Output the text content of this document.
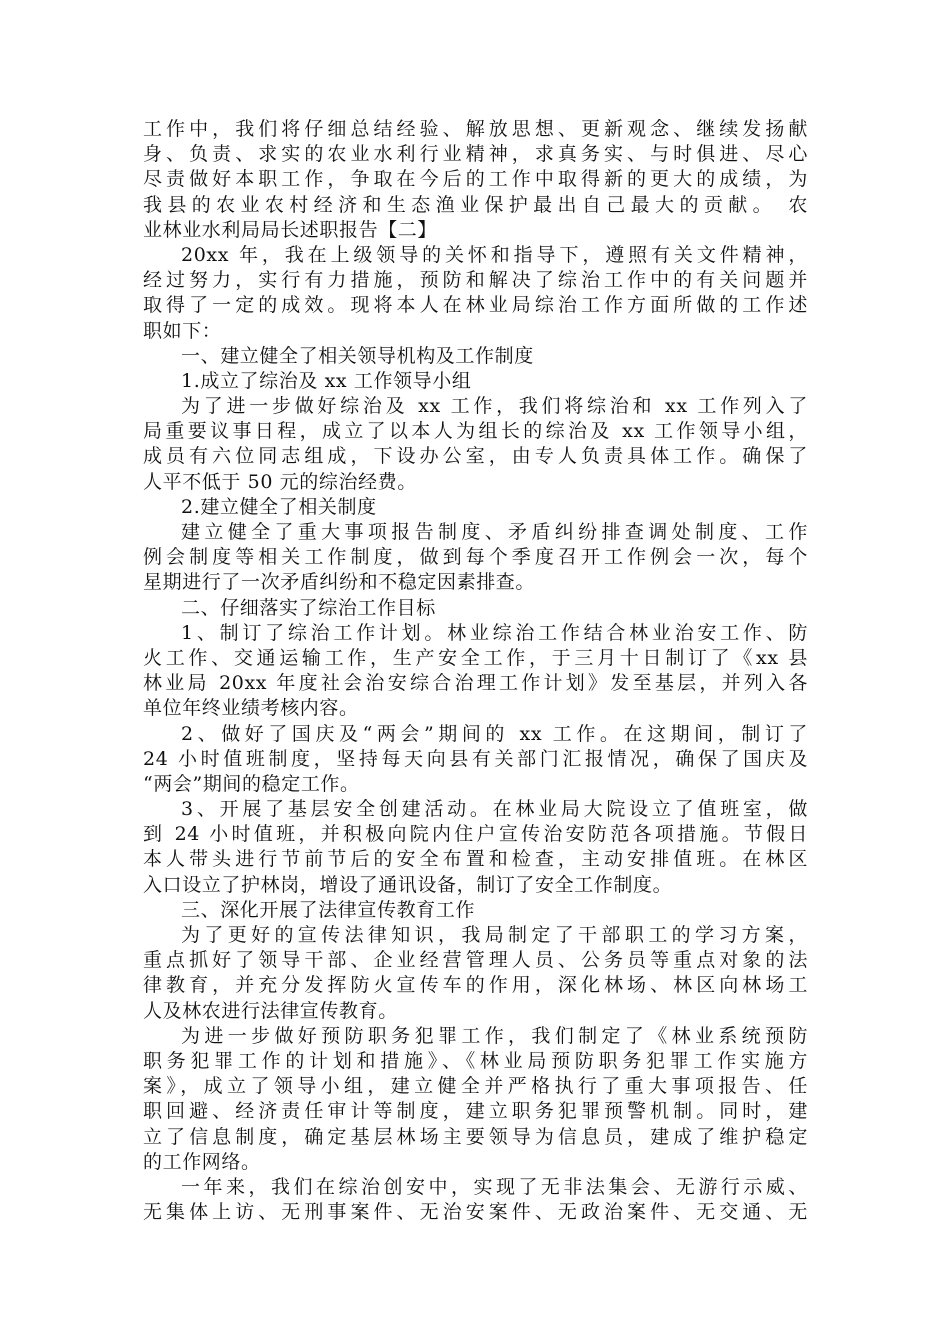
工作中，我们将仔细总结经验、解放思想、更新观念、继续发扬献
身、负责、求实的农业水利行业精神，求真务实、与时俱进、尽心
尽责做好本职工作，争取在今后的工作中取得新的更大的成绩，为
我县的农业农村经济和生态渔业保护最出自己最大的贡献。 农
业林业水利局局长述职报告【二】
20xx 年，我在上级领导的关怀和指导下，遵照有关文件精神，
经过努力，实行有力措施，预防和解决了综治工作中的有关问题并
取得了一定的成效。现将本人在林业局综治工作方面所做的工作述
职如下：
一、建立健全了相关领导机构及工作制度
1.成立了综治及 xx 工作领导小组
为了进一步做好综治及 xx 工作，我们将综治和 xx 工作列入了
局重要议事日程，成立了以本人为组长的综治及 xx 工作领导小组，
成员有六位同志组成，下设办公室，由专人负责具体工作。确保了
人平不低于 50 元的综治经费。
2.建立健全了相关制度
建立健全了重大事项报告制度、矛盾纠纷排查调处制度、工作
例会制度等相关工作制度，做到每个季度召开工作例会一次，每个
星期进行了一次矛盾纠纷和不稳定因素排查。
二、仔细落实了综治工作目标
1、制订了综治工作计划。林业综治工作结合林业治安工作、防
火工作、交通运输工作，生产安全工作，于三月十日制订了《xx 县
林业局 20xx 年度社会治安综合治理工作计划》发至基层，并列入各
单位年终业绩考核内容。
2、做好了国庆及“两会”期间的 xx 工作。在这期间，制订了
24 小时值班制度，坚持每天向县有关部门汇报情况，确保了国庆及
“两会”期间的稳定工作。
3、开展了基层安全创建活动。在林业局大院设立了值班室，做
到 24 小时值班，并积极向院内住户宣传治安防范各项措施。节假日
本人带头进行节前节后的安全布置和检查，主动安排值班。在林区
入口设立了护林岗，增设了通讯设备，制订了安全工作制度。
三、深化开展了法律宣传教育工作
为了更好的宣传法律知识，我局制定了干部职工的学习方案，
重点抓好了领导干部、企业经营管理人员、公务员等重点对象的法
律教育，并充分发挥防火宣传车的作用，深化林场、林区向林场工
人及林农进行法律宣传教育。
为进一步做好预防职务犯罪工作，我们制定了《林业系统预防
职务犯罪工作的计划和措施》、《林业局预防职务犯罪工作实施方
案》，成立了领导小组，建立健全并严格执行了重大事项报告、任
职回避、经济责任审计等制度，建立职务犯罪预警机制。同时，建
立了信息制度，确定基层林场主要领导为信息员，建成了维护稳定
的工作网络。
一年来，我们在综治创安中，实现了无非法集会、无游行示威、
无集体上访、无刑事案件、无治安案件、无政治案件、无交通、无
